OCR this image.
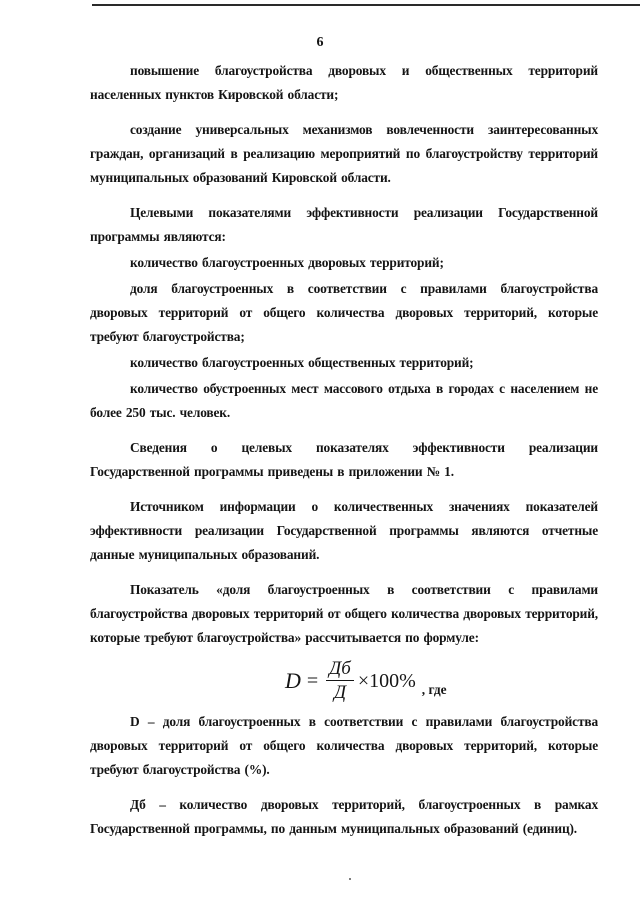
6

повышение благоустройства дворовых и общественных территорий населенных пунктов Кировской области;

создание универсальных механизмов вовлеченности заинтересованных граждан, организаций в реализацию мероприятий по благоустройству территорий муниципальных образований Кировской области.

Целевыми показателями эффективности реализации Государственной программы являются:

количество благоустроенных дворовых территорий;

доля благоустроенных в соответствии с правилами благоустройства дворовых территорий от общего количества дворовых территорий, которые требуют благоустройства;

количество благоустроенных общественных территорий;

количество обустроенных мест массового отдыха в городах с населением не более 250 тыс. человек.

Сведения о целевых показателях эффективности реализации Государственной программы приведены в приложении № 1.

Источником информации о количественных значениях показателей эффективности реализации Государственной программы являются отчетные данные муниципальных образований.

Показатель «доля благоустроенных в соответствии с правилами благоустройства дворовых территорий от общего количества дворовых территорий, которые требуют благоустройства» рассчитывается по формуле:

$D = \frac{Дб}{Д} \times 100\%$ , где

D – доля благоустроенных в соответствии с правилами благоустройства дворовых территорий от общего количества дворовых территорий, которые требуют благоустройства (%).

Дб – количество дворовых территорий, благоустроенных в рамках Государственной программы, по данным муниципальных образований (единиц).
